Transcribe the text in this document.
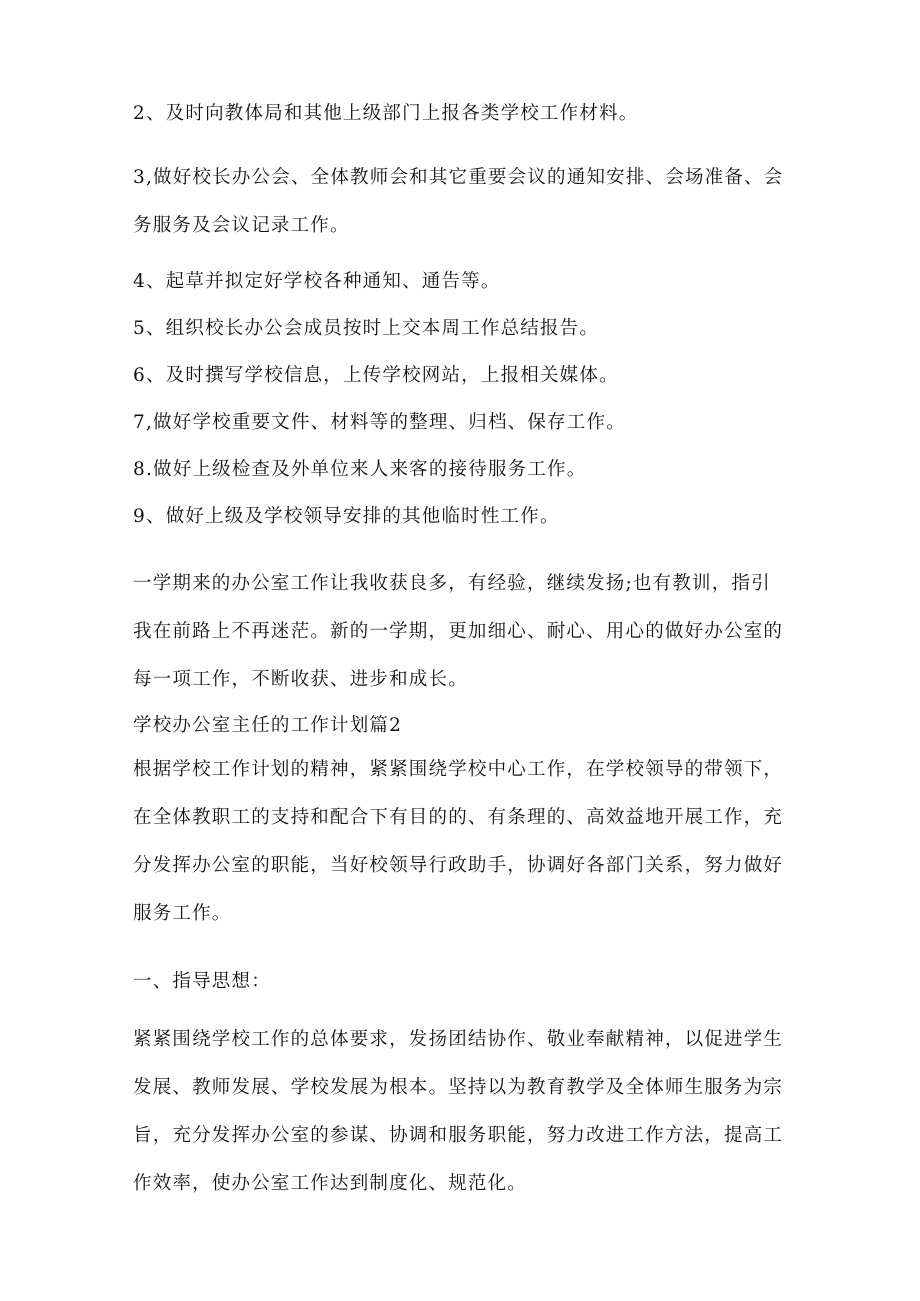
2、及时向教体局和其他上级部门上报各类学校工作材料。
3,做好校长办公会、全体教师会和其它重要会议的通知安排、会场准备、会
务服务及会议记录工作。
4、起草并拟定好学校各种通知、通告等。
5、组织校长办公会成员按时上交本周工作总结报告。
6、及时撰写学校信息，上传学校网站，上报相关媒体。
7,做好学校重要文件、材料等的整理、归档、保存工作。
8.做好上级检查及外单位来人来客的接待服务工作。
9、做好上级及学校领导安排的其他临时性工作。
一学期来的办公室工作让我收获良多，有经验，继续发扬;也有教训，指引
我在前路上不再迷茫。新的一学期，更加细心、耐心、用心的做好办公室的
每一项工作，不断收获、进步和成长。
学校办公室主任的工作计划篇2
根据学校工作计划的精神，紧紧围绕学校中心工作，在学校领导的带领下，
在全体教职工的支持和配合下有目的的、有条理的、高效益地开展工作，充
分发挥办公室的职能，当好校领导行政助手，协调好各部门关系，努力做好
服务工作。
一、指导思想：
紧紧围绕学校工作的总体要求，发扬团结协作、敬业奉献精神，以促进学生
发展、教师发展、学校发展为根本。坚持以为教育教学及全体师生服务为宗
旨，充分发挥办公室的参谋、协调和服务职能，努力改进工作方法，提高工
作效率，使办公室工作达到制度化、规范化。
